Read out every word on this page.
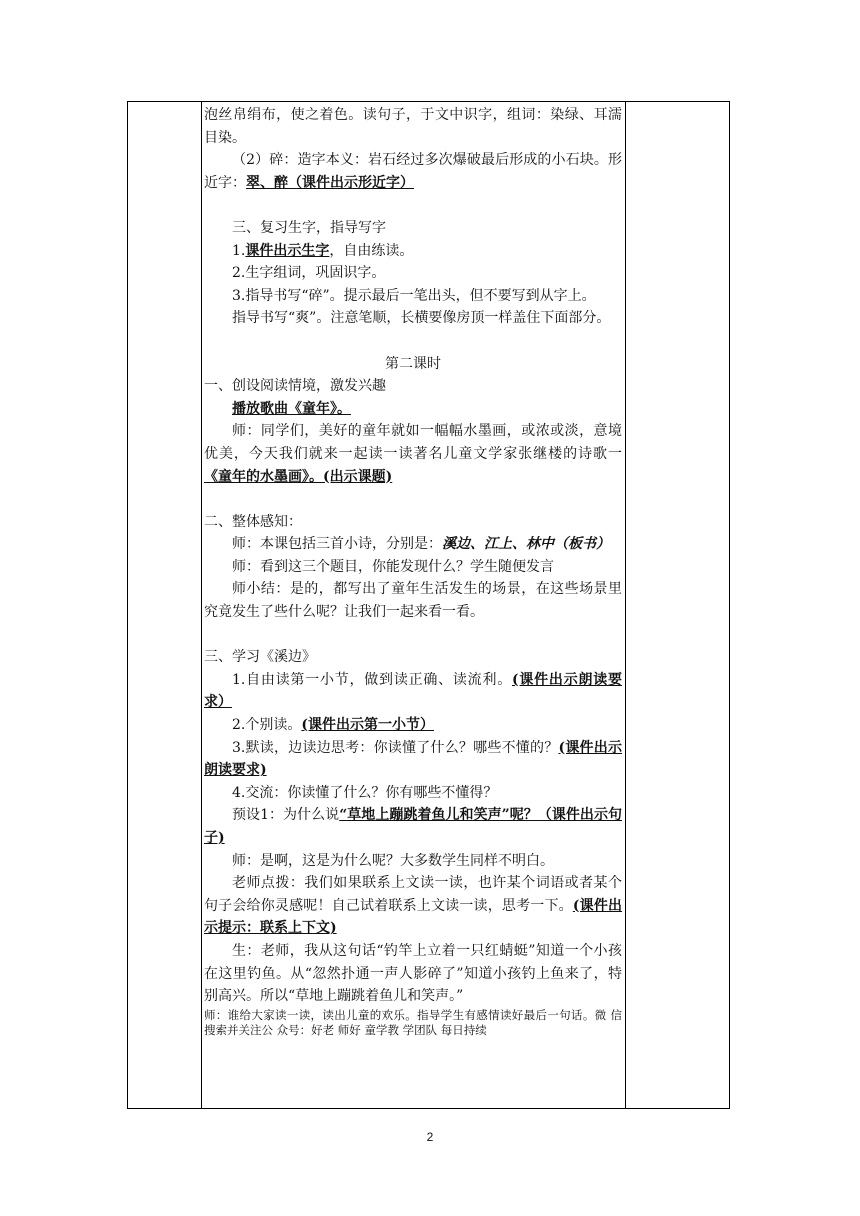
泡丝帛绢布，使之着色。读句子，于文中识字，组词：染绿、耳濡目染。

（2）碎：造字本义：岩石经过多次爆破最后形成的小石块。形近字：翠、醉（课件出示形近字）

三、复习生字，指导写字

1.课件出示生字，自由练读。

2.生字组词，巩固识字。

3.指导书写“碎”。提示最后一笔出头，但不要写到从字上。

指导书写“爽”。注意笔顺，长横要像房顶一样盖住下面部分。

第二课时

一、创设阅读情境，激发兴趣

播放歌曲《童年》。

师：同学们，美好的童年就如一幅幅水墨画，或浓或淡，意境优美，今天我们就来一起读一读著名儿童文学家张继楼的诗歌一《童年的水墨画》。(出示课题)

二、整体感知：

师：本课包括三首小诗，分别是：溪边、江上、林中（板书）

师：看到这三个题目，你能发现什么？学生随便发言

师小结：是的，都写出了童年生活发生的场景，在这些场景里究竟发生了些什么呢？让我们一起来看一看。

三、学习《溪边》

1.自由读第一小节，做到读正确、读流利。(课件出示朗读要求）

2.个别读。(课件出示第一小节）

3.默读，边读边思考：你读懂了什么？哪些不懂的？(课件出示朗读要求)

4.交流：你读懂了什么？你有哪些不懂得？

预设1：为什么说“草地上蹦跳着鱼儿和笑声”呢？（课件出示句子)

师：是啊，这是为什么呢？大多数学生同样不明白。

老师点拨：我们如果联系上文读一读，也许某个词语或者某个句子会给你灵感呢！自己试着联系上文读一读，思考一下。(课件出示提示：联系上下文)

生：老师，我从这句话“钓竿上立着一只红蜻蜓”知道一个小孩在这里钓鱼。从“忽然扑通一声人影碎了”知道小孩钓上鱼来了，特别高兴。所以“草地上蹦跳着鱼儿和笑声。”

师：谁给大家读一读，读出儿童的欢乐。指导学生有感情读好最后一句话。微 信 搜索并关注公 众号：好老 师好 童学教 学团队 每日持续

2
